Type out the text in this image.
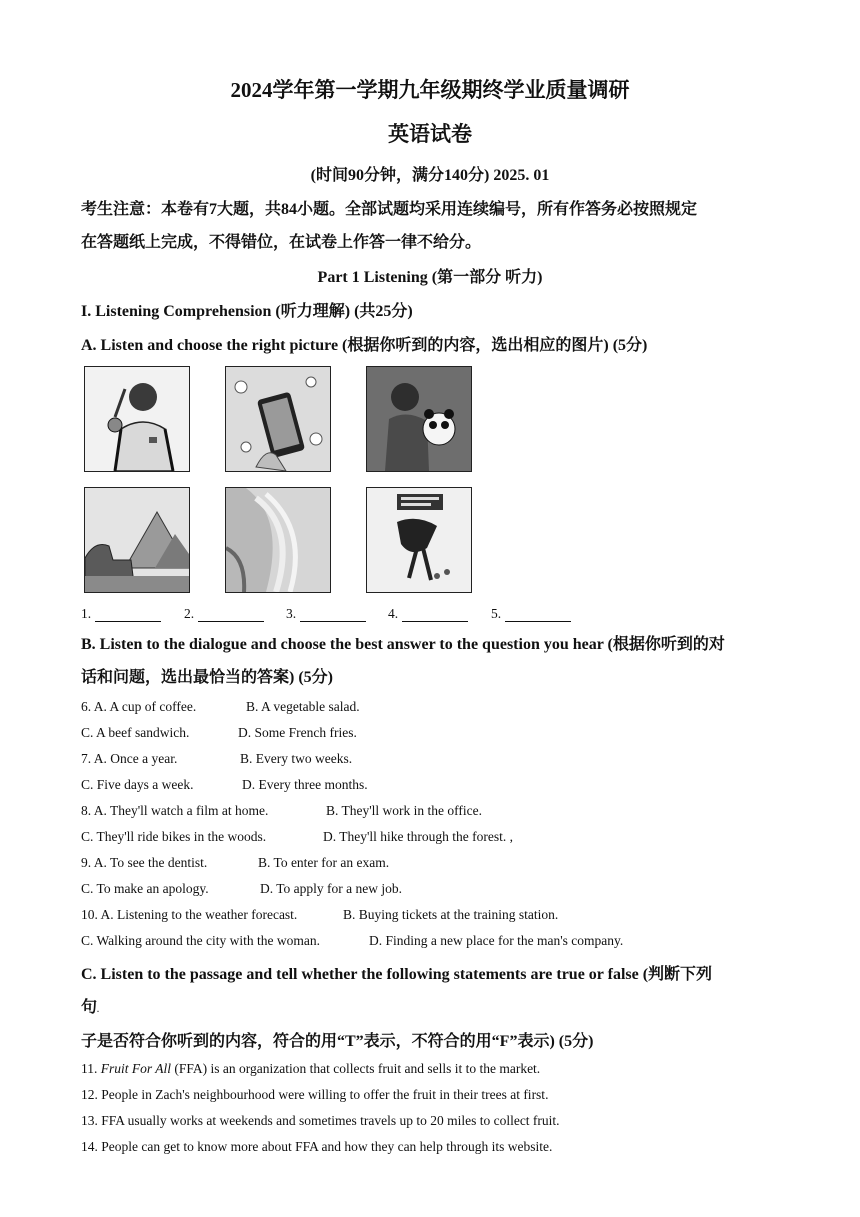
2024学年第一学期九年级期终学业质量调研
英语试卷
(时间90分钟，满分140分) 2025. 01
考生注意：本卷有7大题，共84小题。全部试题均采用连续编号，所有作答务必按照规定
在答题纸上完成，不得错位，在试卷上作答一律不给分。
Part 1 Listening (第一部分 听力)
I. Listening Comprehension (听力理解) (共25分)
A. Listen and choose the right picture (根据你听到的内容，选出相应的图片) (5分)
1.	2.	3.	4.	5.
B. Listen to the dialogue and choose the best answer to the question you hear (根据你听到的对
话和问题，选出最恰当的答案) (5分)
6. A. A cup of coffee.	B. A vegetable salad.
C. A beef sandwich.	D. Some French fries.
7. A. Once a year.	B. Every two weeks.
C. Five days a week.	D. Every three months.
8. A. They'll watch a film at home.	B. They'll work in the office.
C. They'll ride bikes in the woods.	D. They'll hike through the forest. ,
9. A. To see the dentist.	B. To enter for an exam.
C. To make an apology.	D. To apply for a new job.
10. A. Listening to the weather forecast.	B. Buying tickets at the training station.
C. Walking around the city with the woman.	D. Finding a new place for the man's company.
C. Listen to the passage and tell whether the following statements are true or false (判断下列
句.
子是否符合你听到的内容，符合的用“T”表示，不符合的用“F”表示) (5分)
11. Fruit For All (FFA) is an organization that collects fruit and sells it to the market.
12. People in Zach's neighbourhood were willing to offer the fruit in their trees at first.
13. FFA usually works at weekends and sometimes travels up to 20 miles to collect fruit.
14. People can get to know more about FFA and how they can help through its website.
